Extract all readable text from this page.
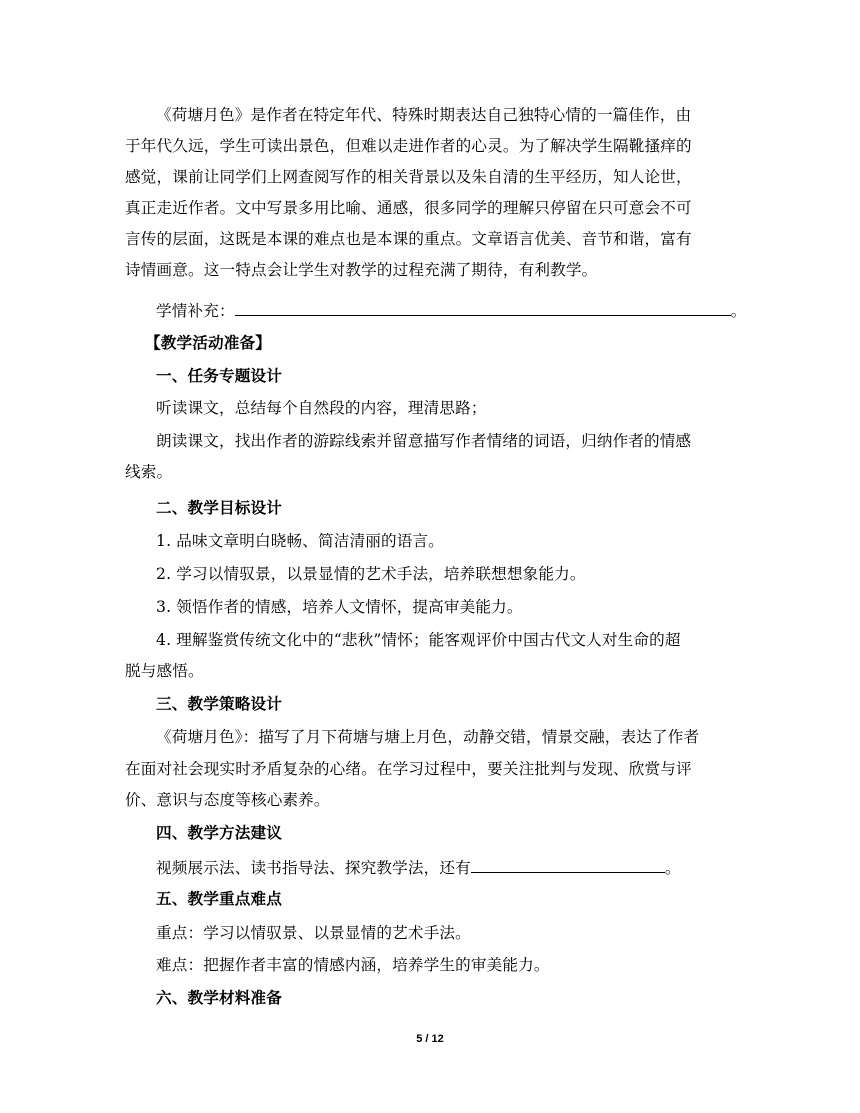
《荷塘月色》是作者在特定年代、特殊时期表达自己独特心情的一篇佳作，由
于年代久远，学生可读出景色，但难以走进作者的心灵。为了解决学生隔靴搔痒的
感觉，课前让同学们上网查阅写作的相关背景以及朱自清的生平经历，知人论世，
真正走近作者。文中写景多用比喻、通感，很多同学的理解只停留在只可意会不可
言传的层面，这既是本课的难点也是本课的重点。文章语言优美、音节和谐，富有
诗情画意。这一特点会让学生对教学的过程充满了期待，有利教学。
学情补充：	。
【教学活动准备】
一、任务专题设计
听读课文，总结每个自然段的内容，理清思路；
朗读课文，找出作者的游踪线索并留意描写作者情绪的词语，归纳作者的情感
线索。
二、教学目标设计
1. 品味文章明白晓畅、简洁清丽的语言。
2. 学习以情驭景，以景显情的艺术手法，培养联想想象能力。
3. 领悟作者的情感，培养人文情怀，提高审美能力。
4. 理解鉴赏传统文化中的“悲秋”情怀；能客观评价中国古代文人对生命的超
脱与感悟。
三、教学策略设计
《荷塘月色》：描写了月下荷塘与塘上月色，动静交错，情景交融，表达了作者
在面对社会现实时矛盾复杂的心绪。在学习过程中，要关注批判与发现、欣赏与评
价、意识与态度等核心素养。
四、教学方法建议
视频展示法、读书指导法、探究教学法，还有	。
五、教学重点难点
重点：学习以情驭景、以景显情的艺术手法。
难点：把握作者丰富的情感内涵，培养学生的审美能力。
六、教学材料准备
5 / 12
